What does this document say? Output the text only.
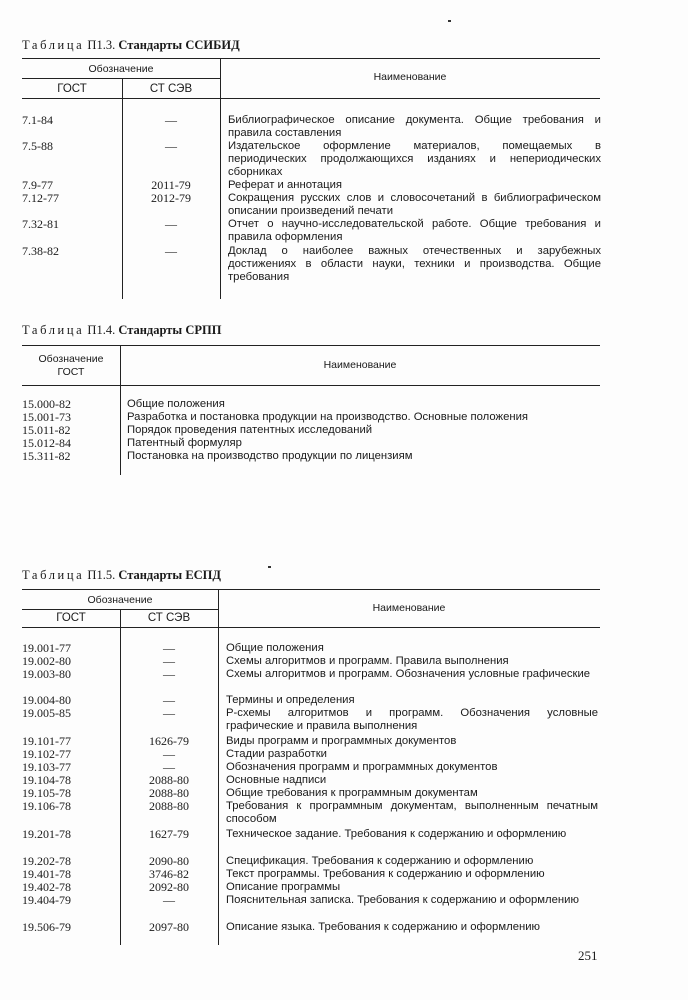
Таблица П1.3. Стандарты ССИБИД
Обозначение
ГОСТ	СТ СЭВ
Наименование
7.1-84	—	Библиографическое описание документа. Общие требования и правила составления
7.5-88	—	Издательское оформление материалов, помещаемых в периодических продолжающихся изданиях и непериодических сборниках
7.9-77	2011-79	Реферат и аннотация
7.12-77	2012-79	Сокращения русских слов и словосочетаний в библиографическом описании произведений печати
7.32-81	—	Отчет о научно-исследовательской работе. Общие требования и правила оформления
7.38-82	—	Доклад о наиболее важных отечественных и зарубежных достижениях в области науки, техники и производства. Общие требования
Таблица П1.4. Стандарты СРПП
Обозначение
ГОСТ
Наименование
15.000-82	Общие положения
15.001-73	Разработка и постановка продукции на производство. Основные положения
15.011-82	Порядок проведения патентных исследований
15.012-84	Патентный формуляр
15.311-82	Постановка на производство продукции по лицензиям
Таблица П1.5. Стандарты ЕСПД
Обозначение
ГОСТ	СТ СЭВ
Наименование
19.001-77	—	Общие положения
19.002-80	—	Схемы алгоритмов и программ. Правила выполнения
19.003-80	—	Схемы алгоритмов и программ. Обозначения условные графические
19.004-80	—	Термины и определения
19.005-85	—	Р-схемы алгоритмов и программ. Обозначения условные графические и правила выполнения
19.101-77	1626-79	Виды программ и программных документов
19.102-77	—	Стадии разработки
19.103-77	—	Обозначения программ и программных документов
19.104-78	2088-80	Основные надписи
19.105-78	2088-80	Общие требования к программным документам
19.106-78	2088-80	Требования к программным документам, выполненным печатным способом
19.201-78	1627-79	Техническое задание. Требования к содержанию и оформлению
19.202-78	2090-80	Спецификация. Требования к содержанию и оформлению
19.401-78	3746-82	Текст программы. Требования к содержанию и оформлению
19.402-78	2092-80	Описание программы
19.404-79	—	Пояснительная записка. Требования к содержанию и оформлению
19.506-79	2097-80	Описание языка. Требования к содержанию и оформлению
251
